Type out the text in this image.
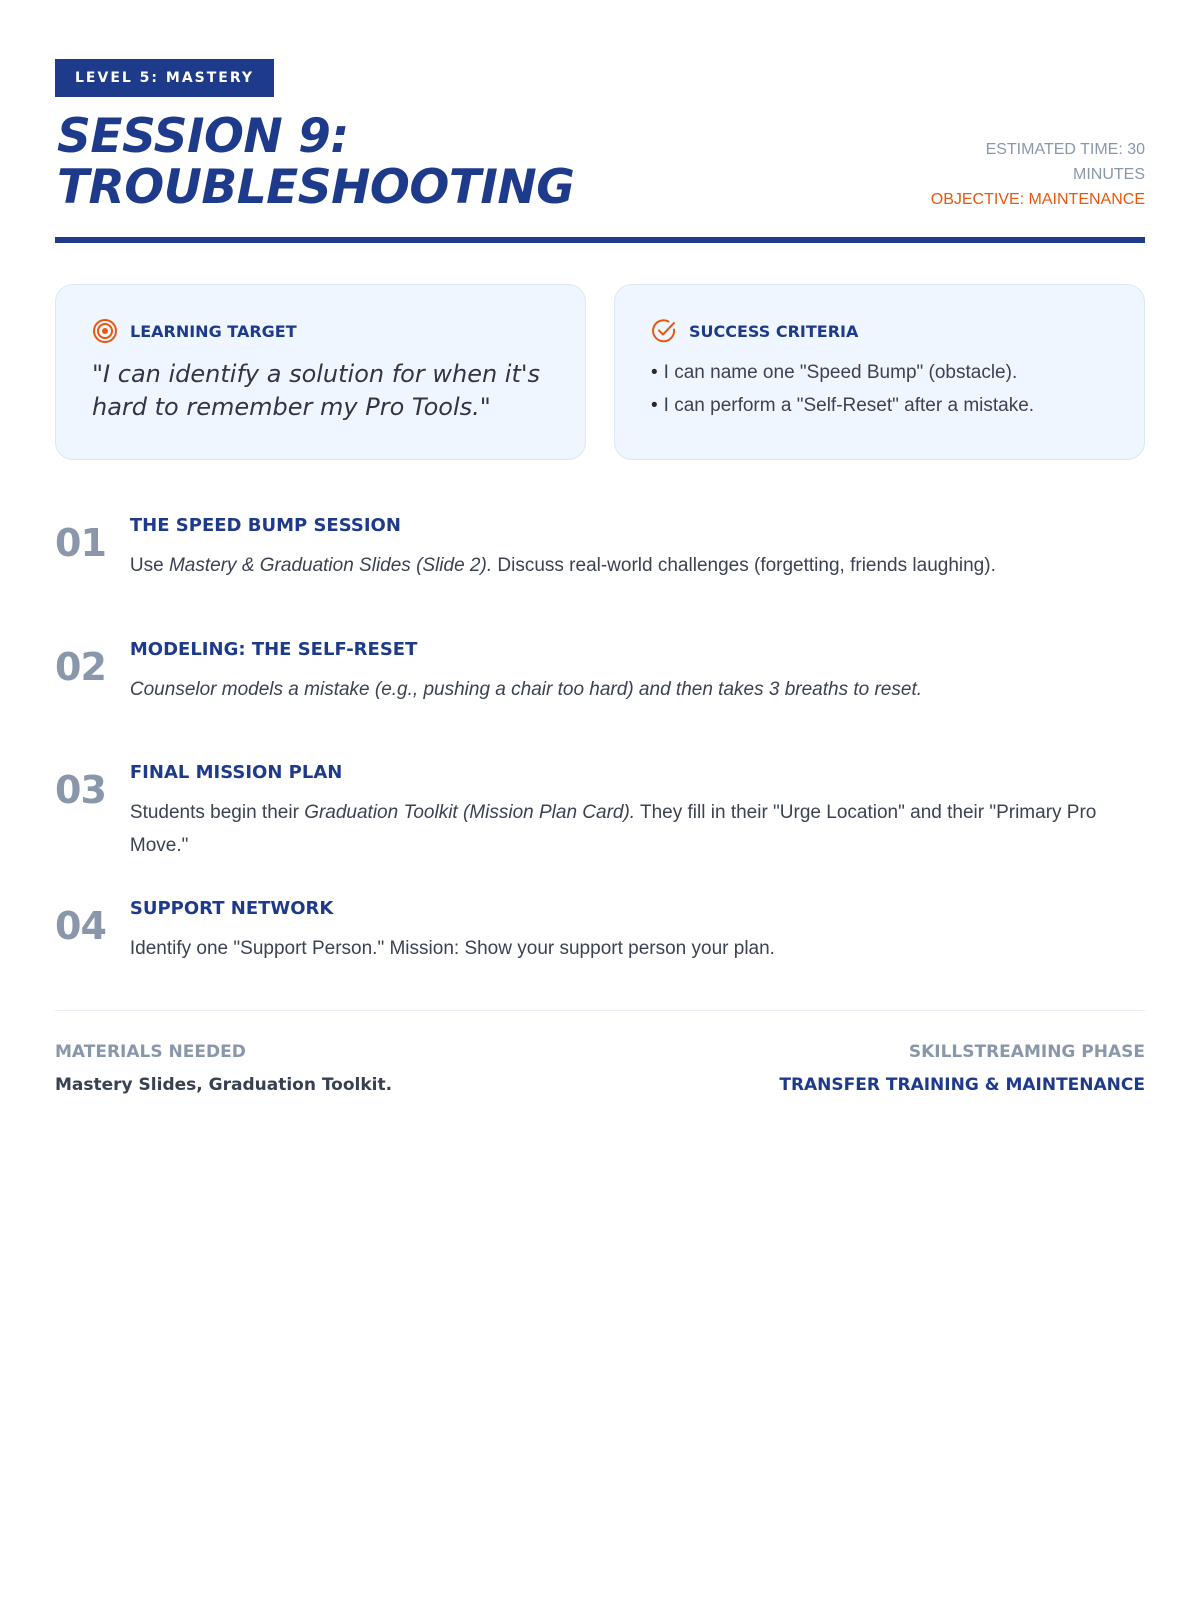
LEVEL 5: MASTERY
SESSION 9:
TROUBLESHOOTING
ESTIMATED TIME: 30 MINUTES
OBJECTIVE: MAINTENANCE
LEARNING TARGET
"I can identify a solution for when it's hard to remember my Pro Tools."
SUCCESS CRITERIA
• I can name one "Speed Bump" (obstacle).
• I can perform a "Self-Reset" after a mistake.
01 THE SPEED BUMP SESSION
Use Mastery & Graduation Slides (Slide 2). Discuss real-world challenges (forgetting, friends laughing).
02 MODELING: THE SELF-RESET
Counselor models a mistake (e.g., pushing a chair too hard) and then takes 3 breaths to reset.
03 FINAL MISSION PLAN
Students begin their Graduation Toolkit (Mission Plan Card). They fill in their "Urge Location" and their "Primary Pro Move."
04 SUPPORT NETWORK
Identify one "Support Person." Mission: Show your support person your plan.
MATERIALS NEEDED
Mastery Slides, Graduation Toolkit.
SKILLSTREAMING PHASE
TRANSFER TRAINING & MAINTENANCE
